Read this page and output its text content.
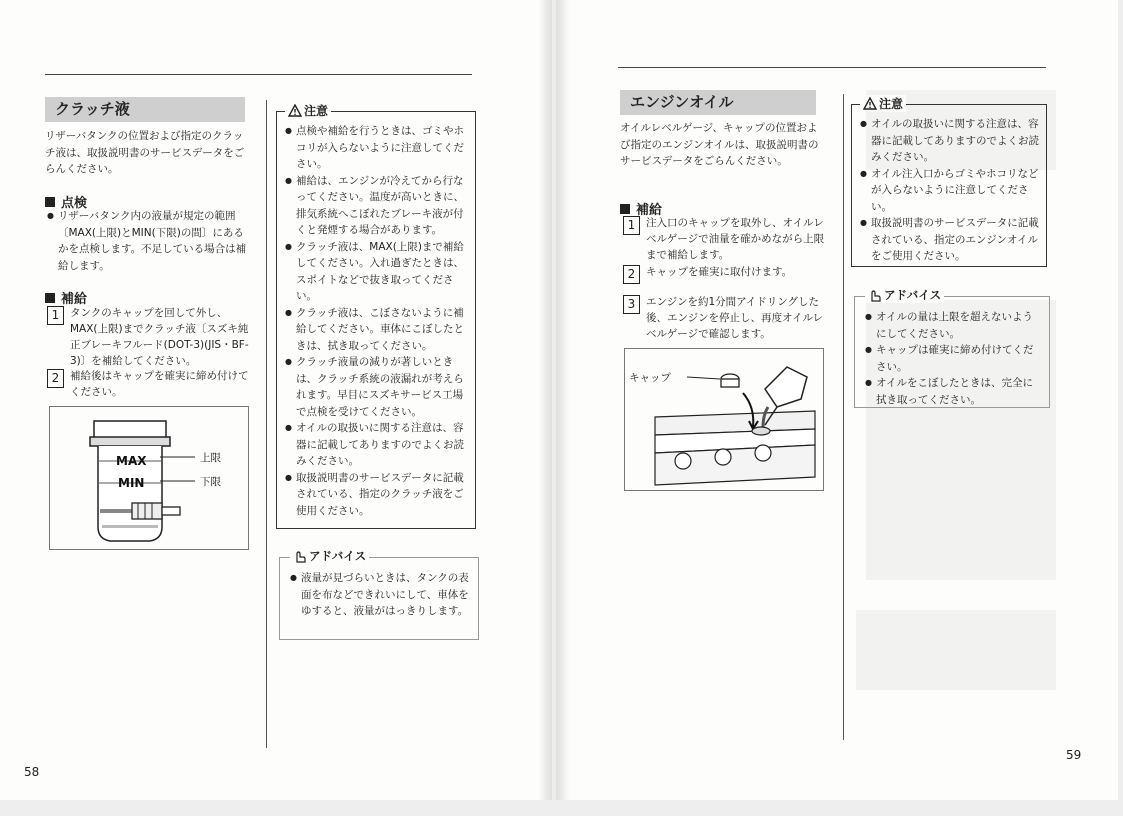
クラッチ液

リザーバタンクの位置および指定のクラッチ液は、取扱説明書のサービスデータをごらんください。

点検
● リザーバタンク内の液量が規定の範囲〔MAX(上限)とMIN(下限)の間〕にあるかを点検します。不足している場合は補給します。
補給
1	タンクのキャップを回して外し、MAX(上限)までクラッチ液〔スズキ純正ブレーキフルード(DOT-3)(JIS・BF-3)〕を補給してください。
2	補給後はキャップを確実に締め付けてください。
MAX
MIN
上限
下限
注意
● 点検や補給を行うときは、ゴミやホコリが入らないように注意してください。
● 補給は、エンジンが冷えてから行なってください。温度が高いときに、排気系統へこぼれたブレーキ液が付くと発煙する場合があります。
● クラッチ液は、MAX(上限)まで補給してください。入れ過ぎたときは、スポイトなどで抜き取ってください。
● クラッチ液は、こぼさないように補給してください。車体にこぼしたときは、拭き取ってください。
● クラッチ液量の減りが著しいときは、クラッチ系統の液漏れが考えられます。早目にスズキサービス工場で点検を受けてください。
● オイルの取扱いに関する注意は、容器に記載してありますのでよくお読みください。
● 取扱説明書のサービスデータに記載されている、指定のクラッチ液をご使用ください。
アドバイス
● 液量が見づらいときは、タンクの表面を布などできれいにして、車体をゆすると、液量がはっきりします。
58
エンジンオイル

オイルレベルゲージ、キャップの位置および指定のエンジンオイルは、取扱説明書のサービスデータをごらんください。

補給
1	注入口のキャップを取外し、オイルレベルゲージで油量を確かめながら上限まで補給します。
2	キャップを確実に取付けます。
3	エンジンを約1分間アイドリングした後、エンジンを停止し、再度オイルレベルゲージで確認します。
キャップ
注意
● オイルの取扱いに関する注意は、容器に記載してありますのでよくお読みください。
● オイル注入口からゴミやホコリなどが入らないように注意してください。
● 取扱説明書のサービスデータに記載されている、指定のエンジンオイルをご使用ください。
アドバイス
● オイルの量は上限を超えないようにしてください。
● キャップは確実に締め付けてください。
● オイルをこぼしたときは、完全に拭き取ってください。
59
